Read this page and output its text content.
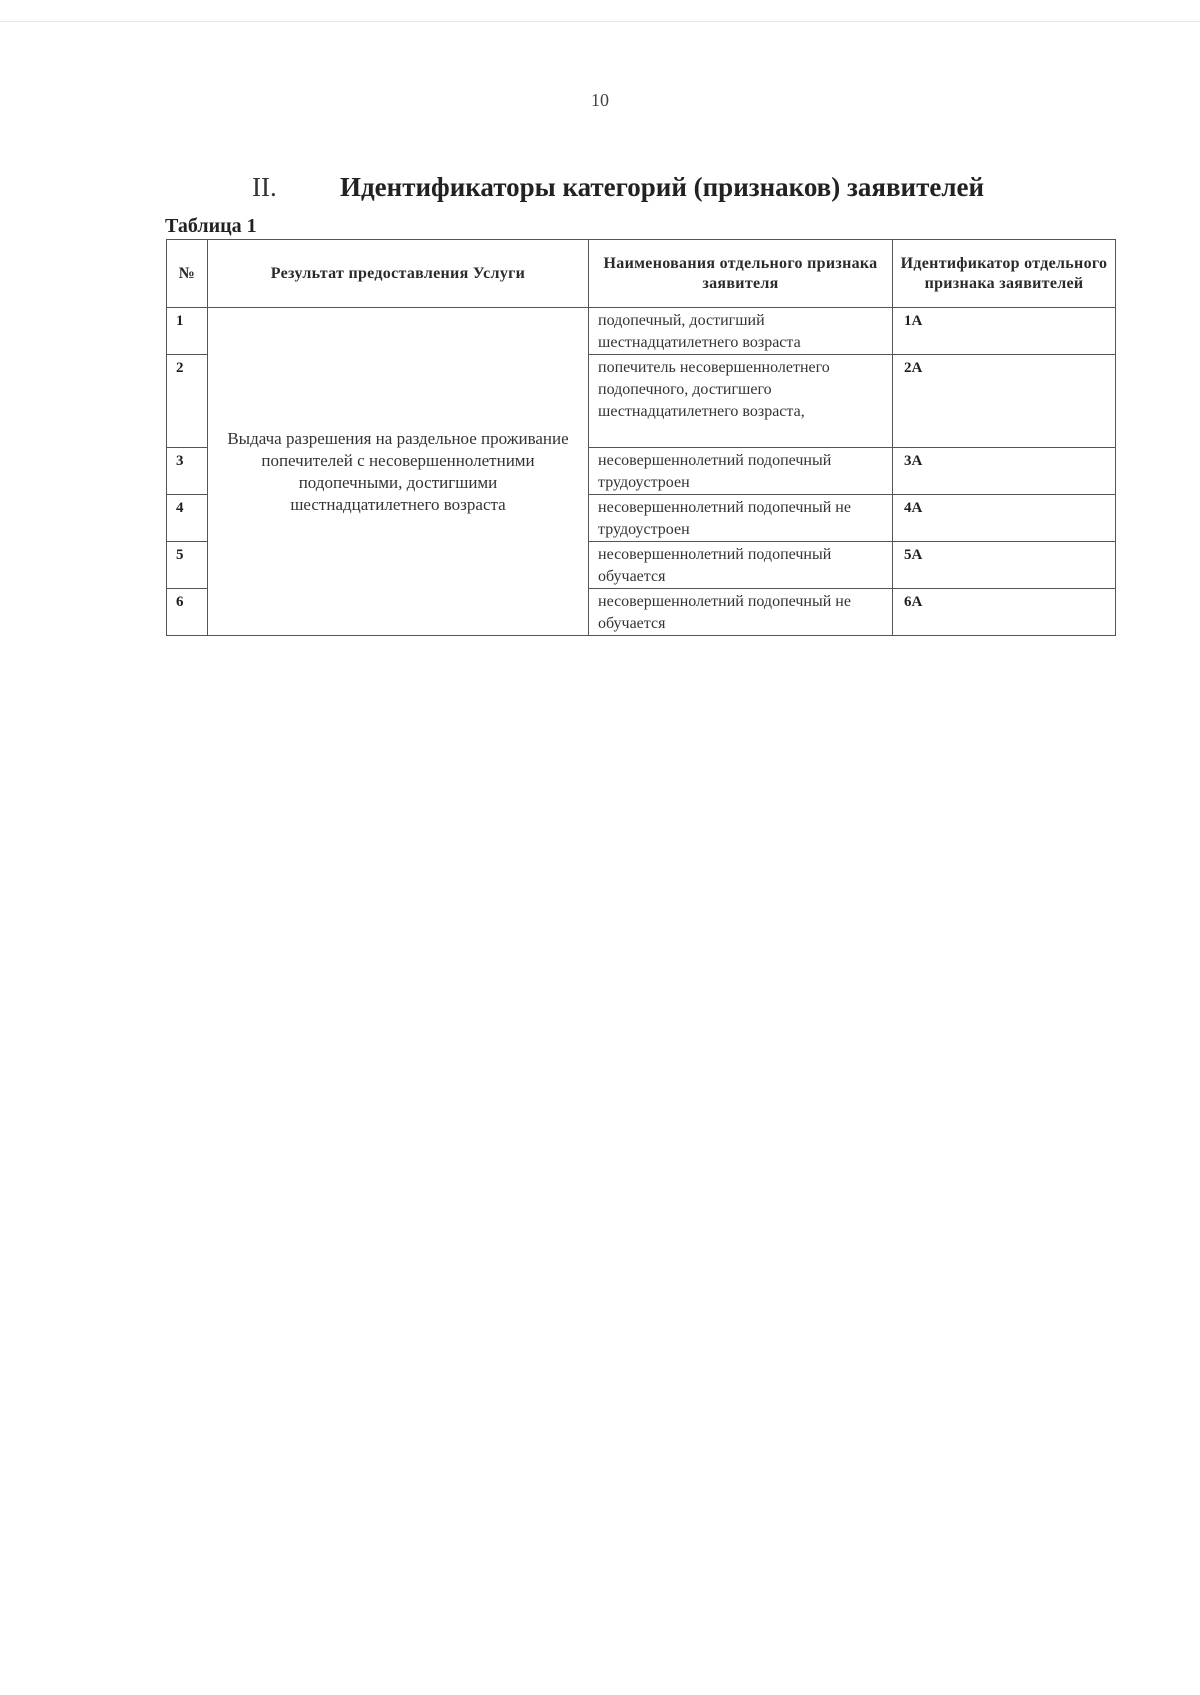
10
II. Идентификаторы категорий (признаков) заявителей
Таблица 1
№	Результат предоставления Услуги	Наименования отдельного признака заявителя	Идентификатор отдельного признака заявителей
1	Выдача разрешения на раздельное проживание попечителей с несовершеннолетними подопечными, достигшими шестнадцатилетнего возраста	подопечный, достигший шестнадцатилетнего возраста	1А
2		попечитель несовершеннолетнего подопечного, достигшего шестнадцатилетнего возраста,	2А
3		несовершеннолетний подопечный трудоустроен	3А
4		несовершеннолетний подопечный не трудоустроен	4А
5		несовершеннолетний подопечный обучается	5А
6		несовершеннолетний подопечный не обучается	6А
